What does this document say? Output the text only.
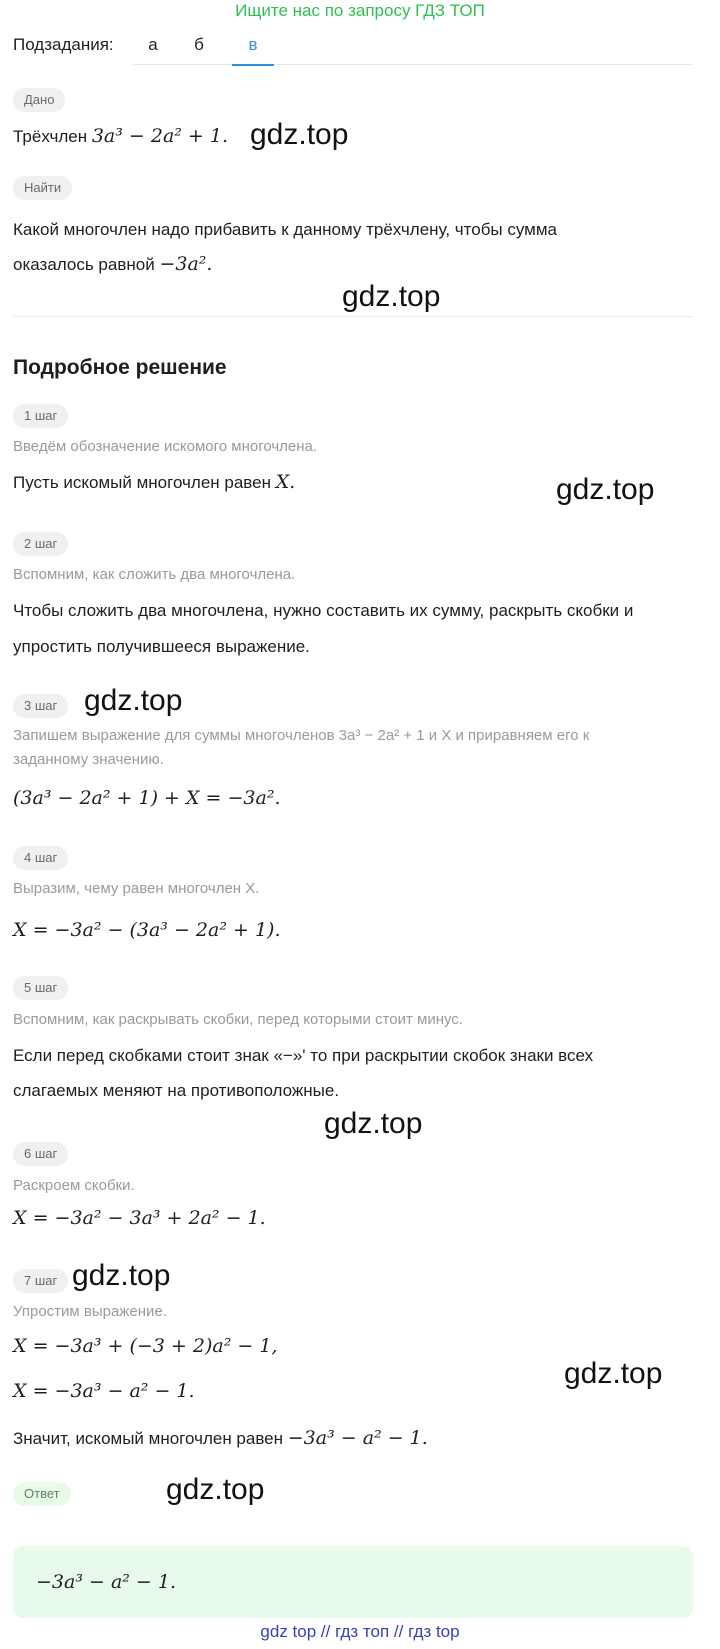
Ищите нас по запросу ГДЗ ТОП
Подзадания:	а	б	в
Дано
Трёхчлен 3a³ − 2a² + 1. gdz.top
Найти
Какой многочлен надо прибавить к данному трёхчлену, чтобы сумма
оказалось равной −3a².
gdz.top
Подробное решение
1 шаг
Введём обозначение искомого многочлена.
Пусть искомый многочлен равен X.	gdz.top
2 шаг
Вспомним, как сложить два многочлена.
Чтобы сложить два многочлена, нужно составить их сумму, раскрыть скобки и
упростить получившееся выражение.
3 шаг gdz.top
Запишем выражение для суммы многочленов 3a³ − 2a² + 1 и X и приравняем его к
заданному значению.
(3a³ − 2a² + 1) + X = −3a².
4 шаг
Выразим, чему равен многочлен X.
X = −3a² − (3a³ − 2a² + 1).
5 шаг
Вспомним, как раскрывать скобки, перед которыми стоит минус.
Если перед скобками стоит знак «−»' то при раскрытии скобок знаки всех
слагаемых меняют на противоположные.
gdz.top
6 шаг
Раскроем скобки.
X = −3a² − 3a³ + 2a² − 1.
7 шаг gdz.top
Упростим выражение.
X = −3a³ + (−3 + 2)a² − 1,
gdz.top
X = −3a³ − a² − 1.
Значит, искомый многочлен равен −3a³ − a² − 1.
Ответ	gdz.top
−3a³ − a² − 1.
gdz top // гдз топ // гдз top
